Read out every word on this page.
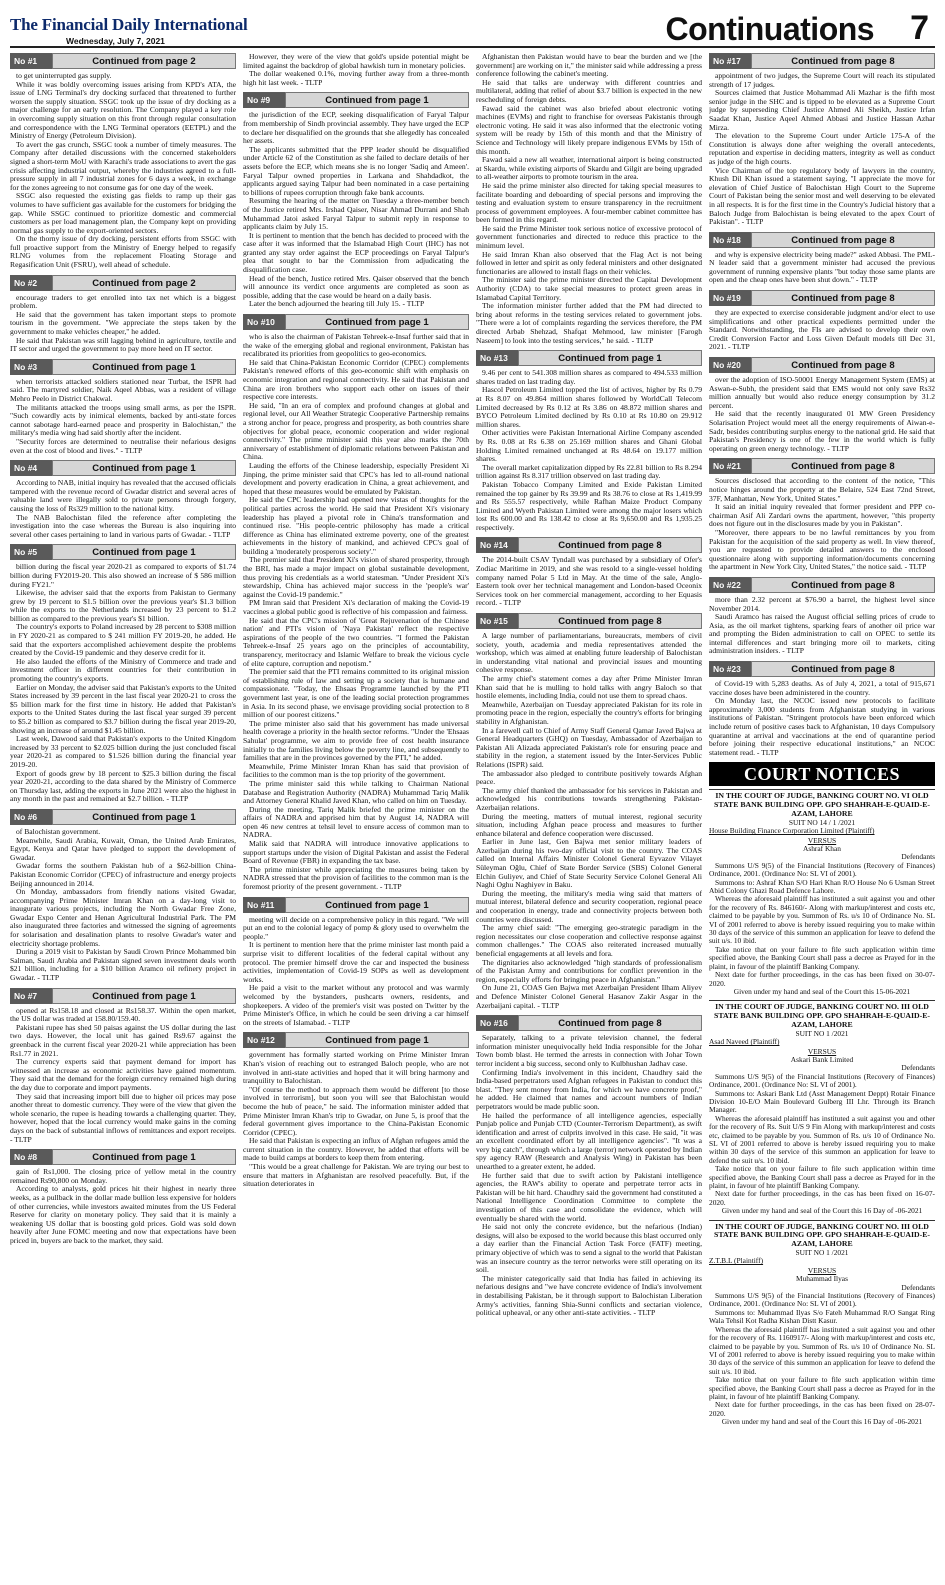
The Financial Daily International
Wednesday, July 7, 2021	Continuations 7
No #1	Continued from page 2

to get uninterrupted gas supply.

While it was boldly overcoming issues arising from KPD's ATA, the issue of LNG Terminal's dry docking surfaced that threatened to further worsen the supply situation. SSGC took up the issue of dry docking as a major challenge for an early resolution. The Company played a key role in overcoming supply situation on this front through regular consultation and correspondence with the LNG Terminal operators (EETPL) and the Ministry of Energy (Petroleum Division).

To avert the gas crunch, SSGC took a number of timely measures. The Company after detailed discussions with the concerned stakeholders signed a short-term MoU with Karachi's trade associations to avert the gas crisis affecting industrial output, whereby the industries agreed to a full-pressure supply in all 7 industrial zones for 6 days a week, in exchange for the zones agreeing to not consume gas for one day of the week.

SSGC also requested the existing gas fields to ramp up their gas volumes to have sufficient gas available for the customers for bridging the gap. While SSGC continued to prioritize domestic and commercial customers as per load management plan, the Company kept on providing normal gas supply to the export-oriented sectors.

On the thorny issue of dry docking, persistent efforts from SSGC with full proactive support from the Ministry of Energy helped to regasify RLNG volumes from the replacement Floating Storage and Regasification Unit (FSRU), well ahead of schedule.

No #2	Continued from page 2

encourage traders to get enrolled into tax net which is a biggest problem.

He said that the government has taken important steps to promote tourism in the government. "We appreciate the steps taken by the government to make vehicles cheaper," he added.

He said that Pakistan was still lagging behind in agriculture, textile and IT sector and urged the government to pay more heed on IT sector.

No #3	Continued from page 1

when terrorists attacked soldiers stationed near Turbat, the ISPR had said. The martyred soldier, Naik Aqeel Abbas, was a resident of village Mehro Peelo in District Chakwal.

The militants attacked the troops using small arms, as per the ISPR. "Such cowardly acts by inimical elements, backed by anti-state forces cannot sabotage hard-earned peace and prosperity in Balochistan," the military's media wing had said shortly after the incident.

"Security forces are determined to neutralise their nefarious designs even at the cost of blood and lives." - TLTP

No #4	Continued from page 1

According to NAB, initial inquiry has revealed that the accused officials tampered with the revenue record of Gwadar district and several acres of valuable land were illegally sold to private persons through forgery, causing the loss of Rs329 million to the national kitty.

The NAB Balochistan filed the reference after completing the investigation into the case whereas the Bureau is also inquiring into several other cases pertaining to land in various parts of Gwadar. - TLTP

No #5	Continued from page 1

billion during the fiscal year 2020-21 as compared to exports of $1.74 billion during FY2019-20. This also showed an increase of $ 586 million during FY21."

Likewise, the adviser said that the exports from Pakistan to Germany grew by 19 percent to $1.5 billion over the previous year's $1.3 billion while the exports to the Netherlands increased by 23 percent to $1.2 billion as compared to the previous year's $1 billion.

The country's exports to Poland increased by 28 percent to $308 million in FY 2020-21 as compared to $ 241 million FY 2019-20, he added. He said that the exporters accomplished achievement despite the problems created by the Covid-19 pandemic and they deserve credit for it.

He also lauded the efforts of the Ministry of Commerce and trade and investment officer in different countries for their contribution in promoting the country's exports.

Earlier on Monday, the adviser said that Pakistan's exports to the United States increased by 39 percent in the last fiscal year 2020-21 to cross the $5 billion mark for the first time in history. He added that Pakistan's exports to the United States during the last fiscal year surged 39 percent to $5.2 billion as compared to $3.7 billion during the fiscal year 2019-20, showing an increase of around $1.45 billion.

Last week, Dawood said that Pakistan's exports to the United Kingdom increased by 33 percent to $2.025 billion during the just concluded fiscal year 2020-21 as compared to $1.526 billion during the financial year 2019-20.

Export of goods grew by 18 percent to $25.3 billion during the fiscal year 2020-21, according to the data shared by the Ministry of Commerce on Thursday last, adding the exports in June 2021 were also the highest in any month in the past and remained at $2.7 billion. - TLTP

No #6	Continued from page 1

of Balochistan government.

Meanwhile, Saudi Arabia, Kuwait, Oman, the United Arab Emirates, Egypt, Kenya and Qatar have pledged to support the development of Gwadar.

Gwadar forms the southern Pakistan hub of a $62-billion China-Pakistan Economic Corridor (CPEC) of infrastructure and energy projects Beijing announced in 2014.

On Monday, ambassadors from friendly nations visited Gwadar, accompanying Prime Minister Imran Khan on a day-long visit to inaugurate various projects, including the North Gwadar Free Zone, Gwadar Expo Center and Henan Agricultural Industrial Park. The PM also inaugurated three factories and witnessed the signing of agreements for solarisation and desalination plants to resolve Gwadar's water and electricity shortage problems.

During a 2019 visit to Pakistan by Saudi Crown Prince Mohammed bin Salman, Saudi Arabia and Pakistan signed seven investment deals worth $21 billion, including for a $10 billion Aramco oil refinery project in Gwadar. - TLTP

No #7	Continued from page 1

opened at Rs158.18 and closed at Rs158.37. Within the open market, the US dollar was traded at 158.80/159.40.

Pakistani rupee has shed 50 paisas against the US dollar during the last two days. However, the local unit has gained Rs9.67 against the greenback in the current fiscal year 2020-21 while appreciation has been Rs1.77 in 2021.

The currency experts said that payment demand for import has witnessed an increase as economic activities have gained momentum. They said that the demand for the foreign currency remained high during the day due to corporate and import payments.

They said that increasing import bill due to higher oil prices may pose another threat to domestic currency. They were of the view that given the whole scenario, the rupee is heading towards a challenging quarter. They, however, hoped that the local currency would make gains in the coming days on the back of substantial inflows of remittances and export receipts. - TLTP

No #8	Continued from page 1

gain of Rs1,000. The closing price of yellow metal in the country remained Rs90,800 on Monday.

According to analysts, gold prices hit their highest in nearly three weeks, as a pullback in the dollar made bullion less expensive for holders of other currencies, while investors awaited minutes from the US Federal Reserve for clarity on monetary policy. They said that it is mainly a weakening US dollar that is boosting gold prices. Gold was sold down heavily after June FOMC meeting and now that expectations have been priced in, buyers are back to the market, they said.

However, they were of the view that gold's upside potential might be limited against the backdrop of global hawkish turn in monetary policies.

The dollar weakened 0.1%, moving further away from a three-month high hit last week. - TLTP

No #9	Continued from page 1

the jurisdiction of the ECP, seeking disqualification of Faryal Talpur from membership of Sindh provincial assembly. They have urged the ECP to declare her disqualified on the grounds that she allegedly has concealed her assets.

The applicants submitted that the PPP leader should be disqualified under Article 62 of the Constitution as she failed to declare details of her assets before the ECP, which means she is no longer 'Sadiq and Ameen'. Faryal Talpur owned properties in Larkana and Shahdadkot, the applicants argued saying Talpur had been nominated in a case pertaining to billions of rupees corruption through fake bank accounts.

Resuming the hearing of the matter on Tuesday a three-member bench of the Justice retired Mrs. Irshad Qaiser, Nisar Ahmad Durrani and Shah Muhammad Jatoi asked Faryal Talpur to submit reply in response to applicants claim by July 15.

It is pertinent to mention that the bench has decided to proceed with the case after it was informed that the Islamabad High Court (IHC) has not granted any stay order against the ECP proceedings on Faryal Talpur's plea that sought to bar the Commission from adjudicating the disqualification case.

Head of the bench, Justice retired Mrs. Qaiser observed that the bench will announce its verdict once arguments are completed as soon as possible, adding that the case would be heard on a daily basis.

Later the bench adjourned the hearing till July 15. - TLTP

No #10	Continued from page 1

who is also the chairman of Pakistan Tehreek-e-Insaf further said that in the wake of the emerging global and regional environment, Pakistan has recalibrated its priorities from geopolitics to geo-economics.

He said that China-Pakistan Economic Corridor (CPEC) complements Pakistan's renewed efforts of this geo-economic shift with emphasis on economic integration and regional connectivity. He said that Pakistan and China are iron brothers who support each other on issues of their respective core interests.

He said, "In an era of complex and profound changes at global and regional level, our All Weather Strategic Cooperative Partnership remains a strong anchor for peace, progress and prosperity, as both countries share objectives for global peace, economic cooperation and wider regional connectivity." The prime minister said this year also marks the 70th anniversary of establishment of diplomatic relations between Pakistan and China.

Lauding the efforts of the Chinese leadership, especially President Xi Jinping, the prime minister said that CPC's has led to all-round national development and poverty eradication in China, a great achievement, and hoped that these measures would be emulated by Pakistan.

He said the CPC leadership had opened new vistas of thoughts for the political parties across the world. He said that President Xi's visionary leadership has played a pivotal role in China's transformation and continued rise. "His people-centric philosophy has made a critical difference as China has eliminated extreme poverty, one of the greatest achievements in the history of mankind, and achieved CPC's goal of building a 'moderately prosperous society'."

The premier said that President Xi's vision of shared prosperity, through the BRI, has made a major impact on global sustainable development, thus proving his credentials as a world statesman. "Under President Xi's stewardship, China has achieved major success in the 'people's war' against the Covid-19 pandemic."

PM Imran said that President Xi's declaration of making the Covid-19 vaccines a global public good is reflective of his compassion and fairness.

He said that the CPC's mission of 'Great Rejuvenation of the Chinese nation' and PTI's vision of 'Naya Pakistan' reflect the respective aspirations of the people of the two countries. "I formed the Pakistan Tehreek-e-Insaf 25 years ago on the principles of accountability, transparency, meritocracy and Islamic Welfare to break the vicious cycle of elite capture, corruption and nepotism."

The premier said that the PTI remains committed to its original mission of establishing rule of law and setting up a society that is humane and compassionate. "Today, the Ehsaas Programme launched by the PTI government last year, is one of the leading social protection programmes in Asia. In its second phase, we envisage providing social protection to 8 million of our poorest citizens."

The prime minister also said that his government has made universal health coverage a priority in the health sector reforms. "Under the 'Ehsaas Sahulat' programme, we aim to provide free of cost health insurance initially to the families living below the poverty line, and subsequently to families that are in the provinces governed by the PTI," he added.

Meanwhile, Prime Minister Imran Khan has said that provision of facilities to the common man is the top priority of the government.

The prime minister said this while talking to Chairman National Database and Registration Authority (NADRA) Muhammad Tariq Malik and Attorney General Khalid Javed Khan, who called on him on Tuesday.

During the meeting, Tariq Malik briefed the prime minister on the affairs of NADRA and apprised him that by August 14, NADRA will open 46 new centres at tehsil level to ensure access of common man to NADRA.

Malik said that NADRA will introduce innovative applications to support startups under the vision of Digital Pakistan and assist the Federal Board of Revenue (FBR) in expanding the tax base.

The prime minister while appreciating the measures being taken by NADRA stressed that the provision of facilities to the common man is the foremost priority of the present government. - TLTP

No #11	Continued from page 1

meeting will decide on a comprehensive policy in this regard. "We will put an end to the colonial legacy of pomp & glory used to overwhelm the people."

It is pertinent to mention here that the prime minister last month paid a surprise visit to different localities of the federal capital without any protocol. The premier himself drove the car and inspected the business activities, implementation of Covid-19 SOPs as well as development works.

He paid a visit to the market without any protocol and was warmly welcomed by the bystanders, pushcarts owners, residents, and shopkeepers. A video of the premier's visit was posted on Twitter by the Prime Minister's Office, in which he could be seen driving a car himself on the streets of Islamabad. - TLTP

No #12	Continued from page 1

government has formally started working on Prime Minister Imran Khan's vision of reaching out to estranged Baloch people, who are not involved in anti-state activities and hoped that it will bring harmony and tranquility to Balochistan.

"Of course the method to approach them would be different [to those involved in terrorism], but soon you will see that Balochistan would become the hub of peace," he said. The information minister added that Prime Minister Imran Khan's trip to Gwadar, on June 5, is proof that the federal government gives importance to the China-Pakistan Economic Corridor (CPEC).

He said that Pakistan is expecting an influx of Afghan refugees amid the current situation in the country. However, he added that efforts will be made to build camps at borders to keep them from entering.

"This would be a great challenge for Pakistan. We are trying our best to ensure that matters in Afghanistan are resolved peacefully. But, if the situation deteriorates in

Afghanistan then Pakistan would have to bear the burden and we [the government] are working on it," the minister said while addressing a press conference following the cabinet's meeting.

He said that talks are underway with different countries and multilateral, adding that relief of about $3.7 billion is expected in the new rescheduling of foreign debts.

Fawad said the cabinet was also briefed about electronic voting machines (EVMs) and right to franchise for overseas Pakistanis through electronic voting. He said it was also informed that the electronic voting system will be ready by 15th of this month and that the Ministry of Science and Technology will likely prepare indigenous EVMs by 15th of this month.

Fawad said a new all weather, international airport is being constructed at Skardu, while existing airports of Skardu and Gilgit are being upgraded to all-weather airports to promote tourism in the area.

He said the prime minister also directed for taking special measures to facilitate boarding and deboarding of special persons and improving the testing and evaluation system to ensure transparency in the recruitment process of government employees. A four-member cabinet committee has been formed in this regard.

He said the Prime Minister took serious notice of excessive protocol of government functionaries and directed to reduce this practice to the minimum level.

He said Imran Khan also observed that the Flag Act is not being followed in letter and spirit as only federal ministers and other designated functionaries are allowed to install flags on their vehicles.

The minister said the prime minister directed the Capital Development Authority (CDA) to take special measures to protect green areas in Islamabad Capital Territory.

The information minister further added that the PM had directed to bring about reforms in the testing services related to government jobs. "There were a lot of complaints regarding the services therefore, the PM directed Arbab Shehzad, Shafqat Mehmood, law minister [Farogh Naseem] to look into the testing services," he said. - TLTP

No #13	Continued from page 1

9.46 per cent to 541.308 million shares as compared to 494.533 million shares traded on last trading day.

Hascol Petroleum Limited topped the list of actives, higher by Rs 0.79 at Rs 8.07 on 49.864 million shares followed by WorldCall Telecom Limited decreased by Rs 0.12 at Rs 3.86 on 48.872 million shares and BYCO Petroleum Limited declined by Rs 0.10 at Rs 10.80 on 29.912 million shares.

Other activities were Pakistan International Airline Company ascended by Rs. 0.08 at Rs 6.38 on 25.169 million shares and Ghani Global Holding Limited remained unchanged at Rs 48.64 on 19.177 million shares.

The overall market capitalization dipped by Rs 22.81 billion to Rs 8.294 trillion against Rs 8.317 trillion observed on last trading day.

Pakistan Tobacco Company Limited and Exide Pakistan Limited remained the top gainer by Rs 39.99 and Rs 38.76 to close at Rs 1,419.99 and Rs 555.57 respectively, while Rafhan Maize Product Company Limited and Wyeth Pakistan Limited were among the major losers which lost Rs 600.00 and Rs 138.42 to close at Rs 9,650.00 and Rs 1,935.25 respectively.

No #14	Continued from page 8

The 2014-built CSAV Tyndall was purchased by a subsidiary of Ofer's Zodiac Maritime in 2019, and she was resold to a single-vessel holding company named Polar 5 Ltd in May. At the time of the sale, Anglo-Eastern took over her technical management and London-based Oceonix Services took on her commercial management, according to her Equasis record. - TLTP

No #15	Continued from page 8

A large number of parliamentarians, bureaucrats, members of civil society, youth, academia and media representatives attended the workshop, which was aimed at enabling future leadership of Balochistan in understanding vital national and provincial issues and mounting cohesive response.

The army chief's statement comes a day after Prime Minister Imran Khan said that he is mulling to hold talks with angry Baloch so that hostile elements, including India, could not use them to spread chaos.

Meanwhile, Azerbaijan on Tuesday appreciated Pakistan for its role in promoting peace in the region, especially the country's efforts for bringing stability in Afghanistan.

In a farewell call to Chief of Army Staff General Qamar Javed Bajwa at General Headquarters (GHQ) on Tuesday, Ambassador of Azerbaijan to Pakistan Ali Alizada appreciated Pakistan's role for ensuring peace and stability in the region, a statement issued by the Inter-Services Public Relations (ISPR) said.

The ambassador also pledged to contribute positively towards Afghan peace.

The army chief thanked the ambassador for his services in Pakistan and acknowledged his contributions towards strengthening Pakistan-Azerbaijan relations.

During the meeting, matters of mutual interest, regional security situation, including Afghan peace process and measures to further enhance bilateral and defence cooperation were discussed.

Earlier in June last, Gen Bajwa met senior military leaders of Azerbaijan during his two-day official visit to the country. The COAS called on Internal Affairs Minister Colonel General Eyvazov Vilayet Süleyman Oğlu, Chief of State Border Service (SBS) Colonel General Elchin Guliyev, and Chief of State Security Service Colonel General Ali Naghi Oghu Naghiyev in Baku.

During the meeting, the military's media wing said that matters of mutual interest, bilateral defence and security cooperation, regional peace and cooperation in energy, trade and connectivity projects between both countries were discussed.

The army chief said: "The emerging geo-strategic paradigm in the region necessitates our close cooperation and collective response against common challenges." The COAS also reiterated increased mutually beneficial engagements at all levels and fora.

The dignitaries also acknowledged "high standards of professionalism of the Pakistan Army and contributions for conflict prevention in the region, especially efforts for bringing peace in Afghanistan."

On June 21, COAS Gen Bajwa met Azerbaijan President Ilham Aliyev and Defence Minister Colonel General Hasanov Zakir Asgar in the Azerbaijani capital. - TLTP

No #16	Continued from page 8

Separately, talking to a private television channel, the federal information minister unequivocally held India responsible for the Johar Town bomb blast. He termed the arrests in connection with Johar Town terror incident a big success, second only to Kulbhushan Jadhav case.

Confirming India's involvement in this incident, Chaudhry said the India-based perpetrators used Afghan refugees in Pakistan to conduct this blast. "They sent money from India, for which we have concrete proof," he added. He claimed that names and account numbers of Indian perpetrators would be made public soon.

He hailed the performance of all intelligence agencies, especially Punjab police and Punjab CTD (Counter-Terrorism Department), as swift identification and arrest of culprits involved in this case. He said, "it was an excellent coordinated effort by all intelligence agencies". "It was a very big catch", through which a large (terror) network operated by Indian spy agency RAW (Research and Analysis Wing) in Pakistan has been unearthed to a greater extent, he added.

He further said that due to swift action by Pakistani intelligence agencies, the RAW's ability to operate and perpetrate terror acts in Pakistan will be hit hard. Chaudhry said the government had constituted a National Intelligence Coordination Committee to complete the investigation of this case and consolidate the evidence, which will eventually be shared with the world.

He said not only the concrete evidence, but the nefarious (Indian) designs, will also be exposed to the world because this blast occurred only a day earlier than the Financial Action Task Force (FATF) meeting, primary objective of which was to send a signal to the world that Pakistan was an insecure country as the terror networks were still operating on its soil.

The minister categorically said that India has failed in achieving its nefarious designs and "we have concrete evidence of India's involvement in destabilising Pakistan, be it through support to Balochistan Liberation Army's activities, fanning Shia-Sunni conflicts and sectarian violence, political upheaval, or any other anti-state activities. - TLTP

No #17	Continued from page 8

appointment of two judges, the Supreme Court will reach its stipulated strength of 17 judges.

Sources claimed that Justice Mohammad Ali Mazhar is the fifth most senior judge in the SHC and is tipped to be elevated as a Supreme Court judge by superseding Chief Justice Ahmed Ali Sheikh, Justice Irfan Saadat Khan, Justice Aqeel Ahmed Abbasi and Justice Hassan Azhar Mirza.

The elevation to the Supreme Court under Article 175-A of the Constitution is always done after weighing the overall antecedents, reputation and expertise in deciding matters, integrity as well as conduct as judge of the high courts.

Vice Chairman of the top regulatory body of lawyers in the country, Khush Dil Khan issued a statement saying, "I appreciate the move for elevation of Chief Justice of Balochistan High Court to the Supreme Court of Pakistan being the senior most and well deserving to be elevated in all respects. It is for the first time in the Country's Judicial history that a Baloch Judge from Balochistan is being elevated to the apex Court of Pakistan". - TLTP

No #18	Continued from page 8

and why is expensive electricity being made?" asked Abbasi. The PML-N leader said that a government minister had accused the previous government of running expensive plants "but today those same plants are open and the cheap ones have been shut down." - TLTP

No #19	Continued from page 8

they are expected to exercise considerable judgment and/or elect to use simplifications and other practical expedients permitted under the Standard. Notwithstanding, the FIs are advised to develop their own Credit Conversion Factor and Loss Given Default models till Dec 31, 2021. - TLTP

No #20	Continued from page 8

over the adoption of ISO-50001 Energy Management System (EMS) at Aswan-e-Subh, the president said that EMS would not only save Rs32 million annually but would also reduce energy consumption by 31.2 percent.

He said that the recently inaugurated 01 MW Green Presidency Solarisation Project would meet all the energy requirements of Aiwan-e-Sadr, besides contributing surplus energy to the national grid. He said that Pakistan's Presidency is one of the few in the world which is fully operating on green energy technology. - TLTP

No #21	Continued from page 8

Sources disclosed that according to the content of the notice, "This notice hinges around the property at the Belaire, 524 East 72nd Street, 37F, Manhattan, New York, United States."

It said an initial inquiry revealed that former president and PPP co-chairman Asif Ali Zardari owns the apartment, however, "this property does not figure out in the disclosures made by you in Pakistan".

"Moreover, there appears to be no lawful remittances by you from Pakistan for the acquisition of the said property as well. In view thereof, you are requested to provide detailed answers to the enclosed questionnaire along with supporting information/documents concerning the apartment in New York City, United States," the notice said. - TLTP

No #22	Continued from page 8

more than 2.32 percent at $76.90 a barrel, the highest level since November 2014.

Saudi Aramco has raised the August official selling prices of crude to Asia, as the oil market tightens, sparking fears of another oil price war and prompting the Biden administration to call on OPEC to settle its internal differences and start bringing more oil to markets, citing administration insiders. - TLTP

No #23	Continued from page 8

of Covid-19 with 5,283 deaths. As of July 4, 2021, a total of 915,671 vaccine doses have been administered in the country.

On Monday last, the NCOC issued new protocols to facilitate approximately 3,000 students from Afghanistan studying in various institutions of Pakistan. "Stringent protocols have been enforced which include return of positive cases back to Afghanistan, 10 days Compulsory quarantine at arrival and vaccinations at the end of quarantine period before joining their respective educational institutions," an NCOC statement read. - TLTP

COURT NOTICES
IN THE COURT OF JUDGE, BANKING COURT NO. VI OLD STATE BANK BUILDING OPP. GPO SHAHRAH-E-QUAID-E-AZAM, LAHORE
SUIT NO 14 / 1 /2021
House Building Finance Corporation Limited (Plaintiff)
VERSUS
Ashraf Khan
Defendants

Summons U/S 9(5) of the Financial Institutions (Recovery of Finances) Ordinance, 2001. (Ordinance No: SL VI of 2001).

Summons to: Ashraf Khan S/O Hari Khan R/O House No 6 Usman Street Abid Colony Ghazi Road Defence Lahore.

Whereas the aforesaid plaintiff has instituted a suit against you and other for the recovery of Rs. 846160/- Along with markup/interest and costs etc, claimed to be payable by you. Summon of Rs. u/s 10 of Ordinance No. SL VI of 2001 referred to above is hereby issued requiring you to make within 30 days of the service of this summon an application for leave to defend the suit u/s. 10 ibid.

Take notice that on your failure to file such application within time specified above, the Banking Court shall pass a decree as Prayed for in the plaint, in favour of the plaintiff Banking Company.

Next date for further proceedings, in the cas has been fixed on 30-07-2020.

Given under my hand and seal of the Court this 15-06-2021
IN THE COURT OF JUDGE, BANKING COURT NO. III OLD STATE BANK BUILDING OPP. GPO SHAHRAH-E-QUAID-E-AZAM, LAHORE
SUIT NO 1 /2021
Asad Naveed (Plaintiff)
VERSUS
Askari Bank Limited
Defendants

Summons U/S 9(5) of the Financial Institutions (Recovery of Finances) Ordinance, 2001. (Ordinance No: SL VI of 2001).

Summons to: Askari Bank Ltd (Asst Management Deppt) Rotair Finance Division 10-E/O Main Boulevard Gulberg III Lhr. Through its Branch Manager.

Whereas the aforesaid plaintiff has instituted a suit against you and other for the recovery of Rs. Suit U/S 9 Fin Along with markup/interest and costs etc, claimed to be payable by you. Summon of Rs. u/s 10 of Ordinance No. SL VI of 2001 referred to above is hereby issued requiring you to make within 30 days of the service of this summon an application for leave to defend the suit u/s. 10 ibid.

Take notice that on your failure to file such application within time specified above, the Banking Court shall pass a decree as Prayed for in the plaint, in favour of hte plaintiff Banking Company.

Next date for further proceedings, in the cas has been fixed on 16-07-2020.

Given under my hand and seal of the Court this 16 Day of -06-2021
IN THE COURT OF JUDGE, BANKING COURT NO. III OLD STATE BANK BUILDING OPP. GPO SHAHRAH-E-QUAID-E-AZAM, LAHORE
SUIT NO 1 /2021
Z.T.B.L (Plaintiff)
VERSUS
Muhammad Ilyas
Defendants

Summons U/S 9(5) of the Financial Institutions (Recovery of Finances) Ordinance, 2001. (Ordinance No: SL VI of 2001).

Summons to: Muhammad Ilyas S/o Fateh Muhammad R/O Sangat Ring Wala Tehsil Kot Radha Kishan Distt Kasur.

Whereas the aforesaid plaintiff has instituted a suit against you and other for the recovery of Rs. 1160917/- Along with markup/interest and costs etc, claimed to be payable by you. Summon of Rs. u/s 10 of Ordinance No. SL VI of 2001 referred to above is hereby issued requiring you to make within 30 days of the service of this summon an application for leave to defend the suit u/s. 10 ibid.

Take notice that on your failure to file such application within time specified above, the Banking Court shall pass a decree as Prayed for in the plaint, in favour of hte plaintiff Banking Company.

Next date for further proceedings, in the cas has been fixed on 28-07-2020.

Given under my hand and seal of the Court this 16 Day of -06-2021
